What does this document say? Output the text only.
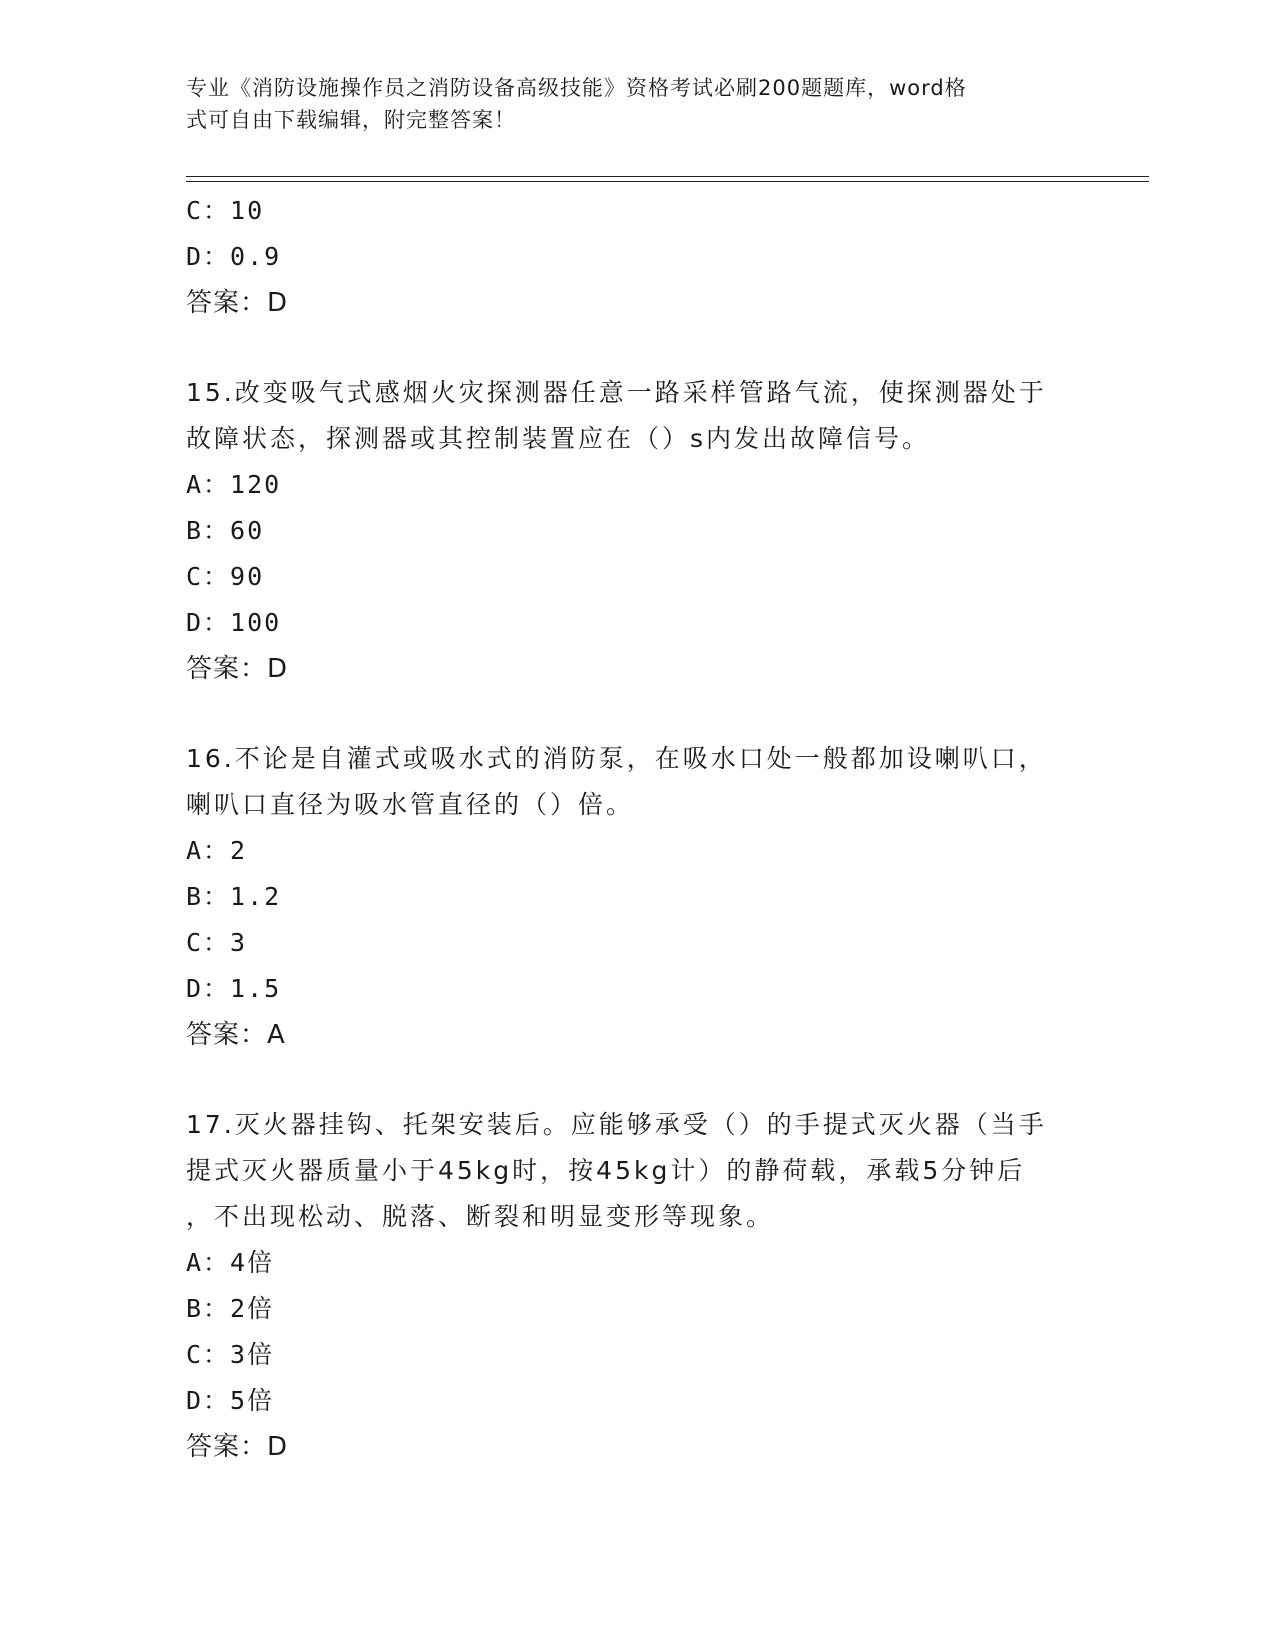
专业《消防设施操作员之消防设备高级技能》资格考试必刷200题题库，word格
式可自由下载编辑，附完整答案！
C：10
D：0.9
答案：D
15.改变吸气式感烟火灾探测器任意一路采样管路气流，使探测器处于
故障状态，探测器或其控制装置应在（）s内发出故障信号。
A：120
B：60
C：90
D：100
答案：D
16.不论是自灌式或吸水式的消防泵，在吸水口处一般都加设喇叭口，
喇叭口直径为吸水管直径的（）倍。
A：2
B：1.2
C：3
D：1.5
答案：A
17.灭火器挂钩、托架安装后。应能够承受（）的手提式灭火器（当手
提式灭火器质量小于45kg时，按45kg计）的静荷载，承载5分钟后
，不出现松动、脱落、断裂和明显变形等现象。
A：4倍
B：2倍
C：3倍
D：5倍
答案：D
